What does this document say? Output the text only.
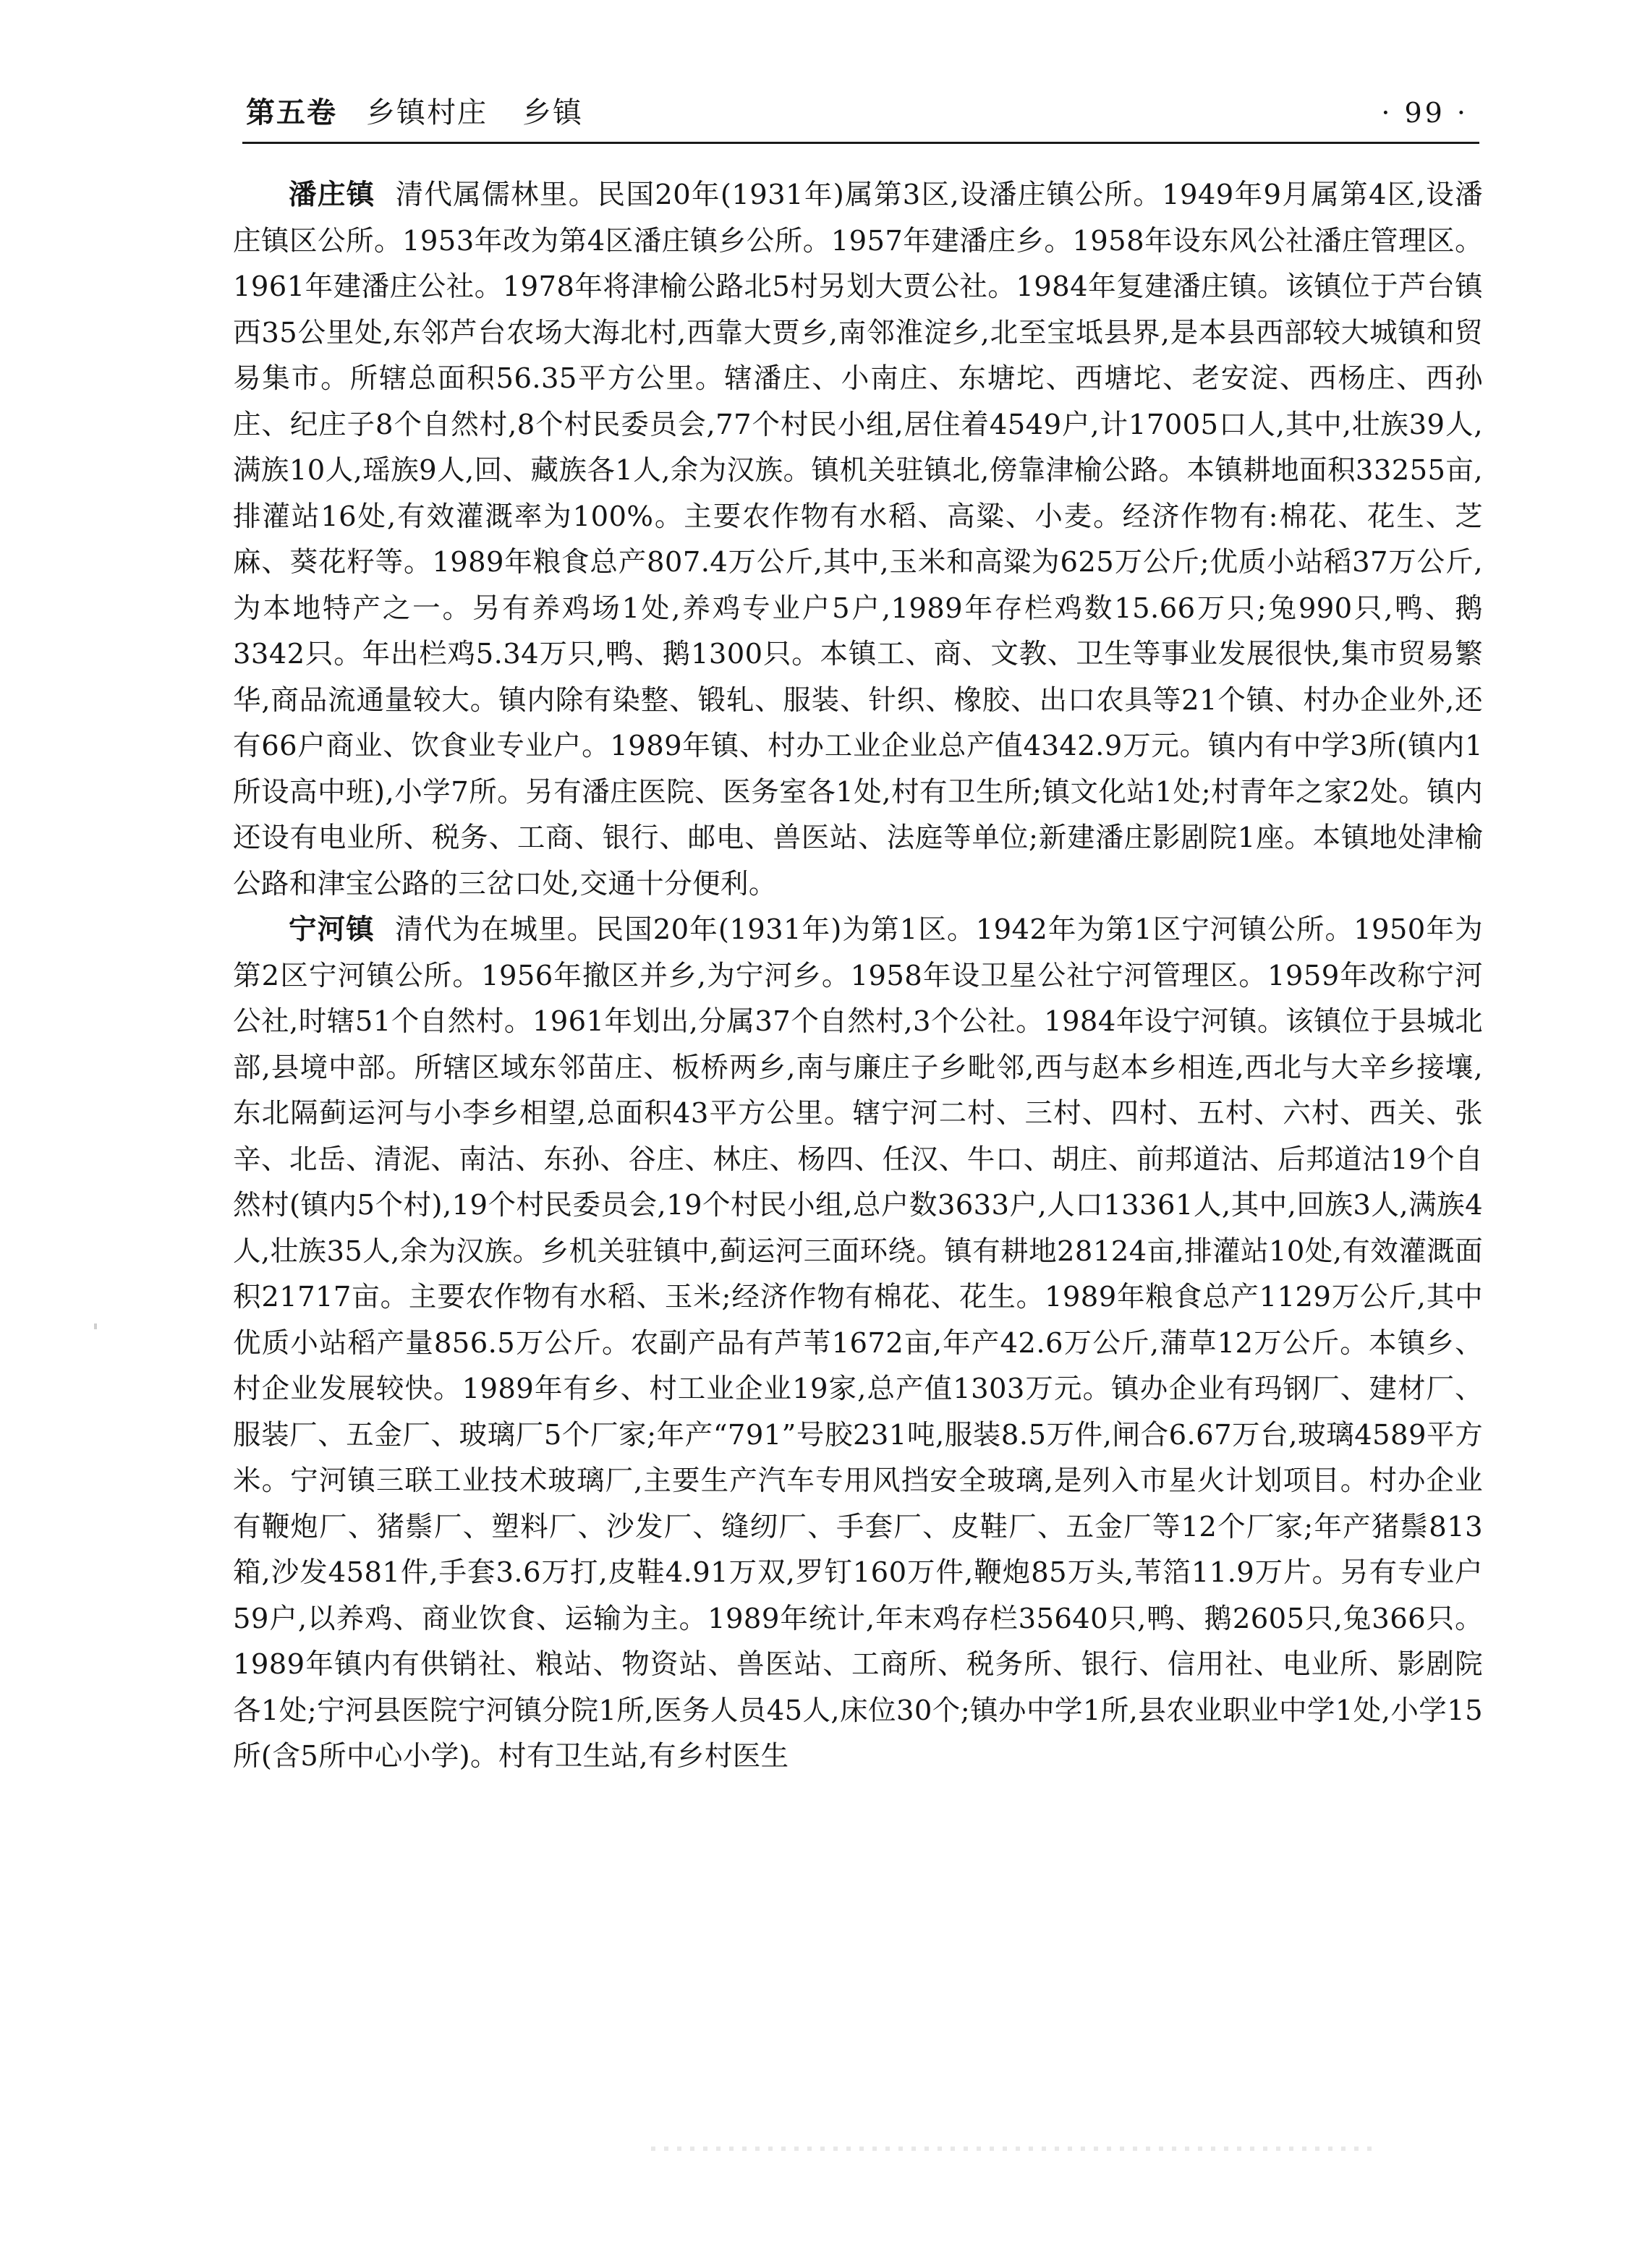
第五卷 乡镇村庄 乡镇	· 99 ·

潘庄镇 清代属儒林里。民国20年(1931年)属第3区,设潘庄镇公所。1949年9月属第4区,设潘庄镇区公所。1953年改为第4区潘庄镇乡公所。1957年建潘庄乡。1958年设东风公社潘庄管理区。1961年建潘庄公社。1978年将津榆公路北5村另划大贾公社。1984年复建潘庄镇。该镇位于芦台镇西35公里处,东邻芦台农场大海北村,西靠大贾乡,南邻淮淀乡,北至宝坻县界,是本县西部较大城镇和贸易集市。所辖总面积56.35平方公里。辖潘庄、小南庄、东塘坨、西塘坨、老安淀、西杨庄、西孙庄、纪庄子8个自然村,8个村民委员会,77个村民小组,居住着4549户,计17005口人,其中,壮族39人,满族10人,瑶族9人,回、藏族各1人,余为汉族。镇机关驻镇北,傍靠津榆公路。本镇耕地面积33255亩,排灌站16处,有效灌溉率为100%。主要农作物有水稻、高粱、小麦。经济作物有:棉花、花生、芝麻、葵花籽等。1989年粮食总产807.4万公斤,其中,玉米和高粱为625万公斤;优质小站稻37万公斤,为本地特产之一。另有养鸡场1处,养鸡专业户5户,1989年存栏鸡数15.66万只;兔990只,鸭、鹅3342只。年出栏鸡5.34万只,鸭、鹅1300只。本镇工、商、文教、卫生等事业发展很快,集市贸易繁华,商品流通量较大。镇内除有染整、锻轧、服装、针织、橡胶、出口农具等21个镇、村办企业外,还有66户商业、饮食业专业户。1989年镇、村办工业企业总产值4342.9万元。镇内有中学3所(镇内1所设高中班),小学7所。另有潘庄医院、医务室各1处,村有卫生所;镇文化站1处;村青年之家2处。镇内还设有电业所、税务、工商、银行、邮电、兽医站、法庭等单位;新建潘庄影剧院1座。本镇地处津榆公路和津宝公路的三岔口处,交通十分便利。

宁河镇 清代为在城里。民国20年(1931年)为第1区。1942年为第1区宁河镇公所。1950年为第2区宁河镇公所。1956年撤区并乡,为宁河乡。1958年设卫星公社宁河管理区。1959年改称宁河公社,时辖51个自然村。1961年划出,分属37个自然村,3个公社。1984年设宁河镇。该镇位于县城北部,县境中部。所辖区域东邻苗庄、板桥两乡,南与廉庄子乡毗邻,西与赵本乡相连,西北与大辛乡接壤,东北隔蓟运河与小李乡相望,总面积43平方公里。辖宁河二村、三村、四村、五村、六村、西关、张辛、北岳、清泥、南沽、东孙、谷庄、林庄、杨四、任汉、牛口、胡庄、前邦道沽、后邦道沽19个自然村(镇内5个村),19个村民委员会,19个村民小组,总户数3633户,人口13361人,其中,回族3人,满族4人,壮族35人,余为汉族。乡机关驻镇中,蓟运河三面环绕。镇有耕地28124亩,排灌站10处,有效灌溉面积21717亩。主要农作物有水稻、玉米;经济作物有棉花、花生。1989年粮食总产1129万公斤,其中优质小站稻产量856.5万公斤。农副产品有芦苇1672亩,年产42.6万公斤,蒲草12万公斤。本镇乡、村企业发展较快。1989年有乡、村工业企业19家,总产值1303万元。镇办企业有玛钢厂、建材厂、服装厂、五金厂、玻璃厂5个厂家;年产“791”号胶231吨,服装8.5万件,闸合6.67万台,玻璃4589平方米。宁河镇三联工业技术玻璃厂,主要生产汽车专用风挡安全玻璃,是列入市星火计划项目。村办企业有鞭炮厂、猪鬃厂、塑料厂、沙发厂、缝纫厂、手套厂、皮鞋厂、五金厂等12个厂家;年产猪鬃813箱,沙发4581件,手套3.6万打,皮鞋4.91万双,罗钉160万件,鞭炮85万头,苇箔11.9万片。另有专业户59户,以养鸡、商业饮食、运输为主。1989年统计,年末鸡存栏35640只,鸭、鹅2605只,兔366只。1989年镇内有供销社、粮站、物资站、兽医站、工商所、税务所、银行、信用社、电业所、影剧院各1处;宁河县医院宁河镇分院1所,医务人员45人,床位30个;镇办中学1所,县农业职业中学1处,小学15所(含5所中心小学)。村有卫生站,有乡村医生
